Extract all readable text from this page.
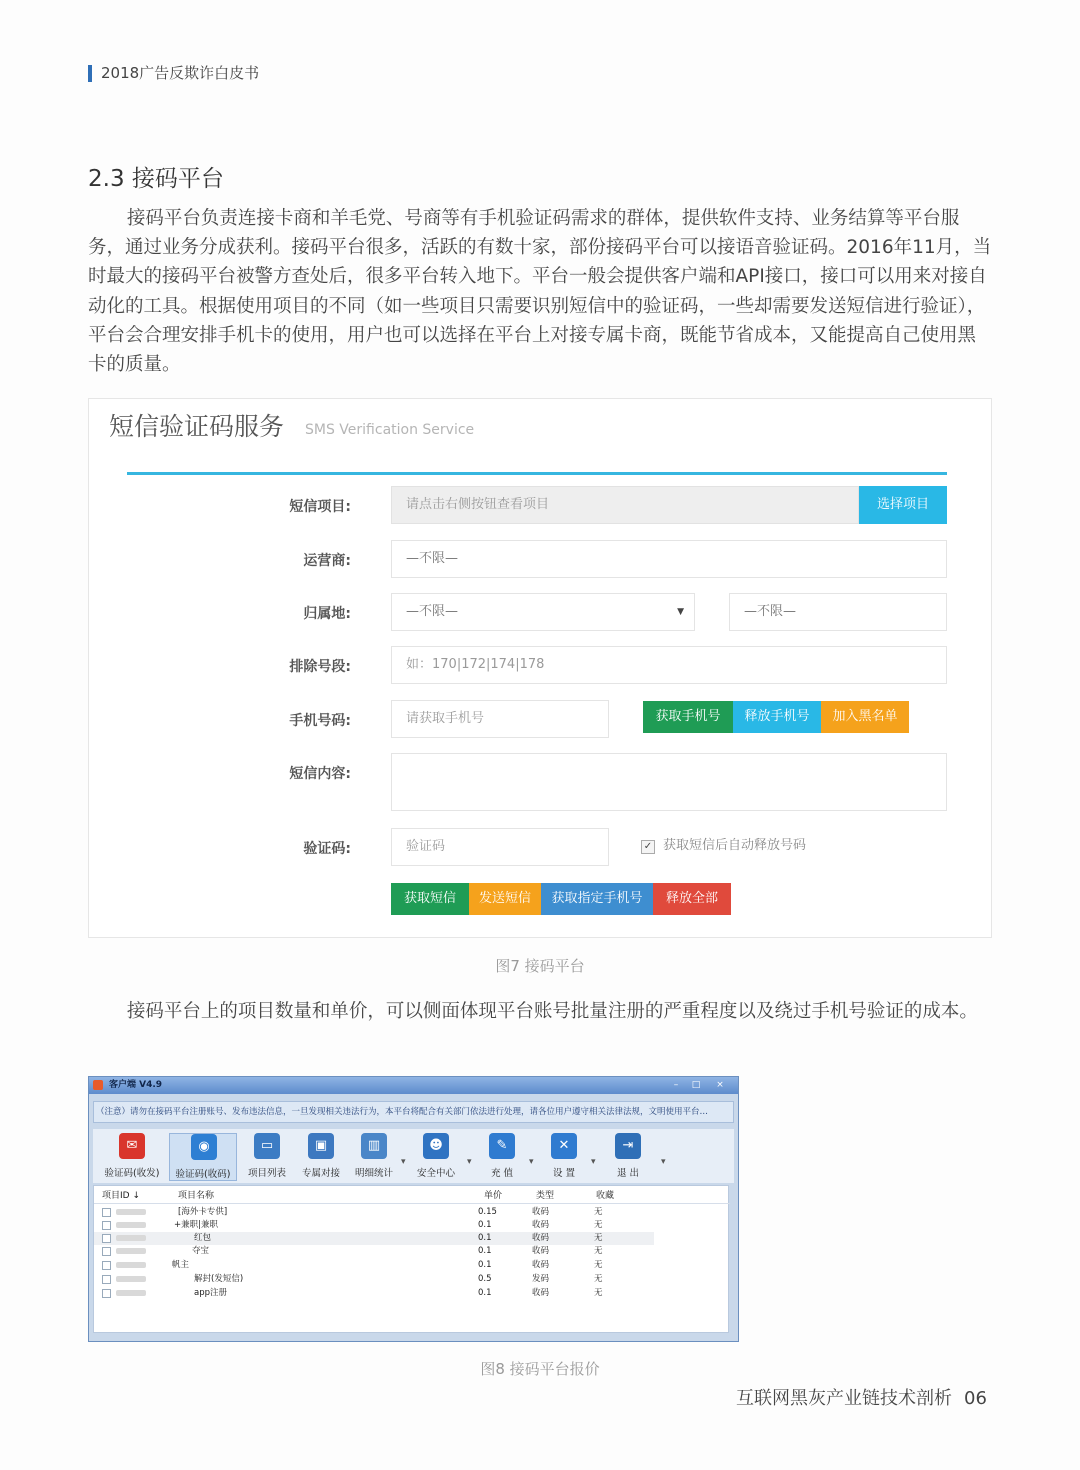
2018广告反欺诈白皮书
2.3 接码平台

接码平台负责连接卡商和羊毛党、号商等有手机验证码需求的群体，提供软件支持、业务结算等平台服务，通过业务分成获利。接码平台很多，活跃的有数十家，部份接码平台可以接语音验证码。2016年11月，当时最大的接码平台被警方查处后，很多平台转入地下。平台一般会提供客户端和API接口，接口可以用来对接自动化的工具。根据使用项目的不同（如一些项目只需要识别短信中的验证码，一些却需要发送短信进行验证），平台会合理安排手机卡的使用，用户也可以选择在平台上对接专属卡商，既能节省成本，又能提高自己使用黑卡的质量。

短信验证码服务 SMS Verification Service
短信项目:	请点击右侧按钮查看项目	选择项目
运营商:	—不限—
归属地:	—不限—	▼	—不限—
排除号段:	如：170|172|174|178
手机号码:	请获取手机号	获取手机号	释放手机号	加入黑名单
短信内容:
验证码:	验证码	✓ 获取短信后自动释放号码
获取短信	发送短信	获取指定手机号	释放全部
图7 接码平台

接码平台上的项目数量和单价，可以侧面体现平台账号批量注册的严重程度以及绕过手机号验证的成本。

客户端 V4.9	–	□	×
（注意）请勿在接码平台注册账号、发布违法信息，一旦发现相关违法行为，本平台将配合有关部门依法进行处理，请各位用户遵守相关法律法规，文明使用平台…
✉
验证码(收发)
◉
验证码(收码)
▭
项目列表
▣
专属对接
▥
明细统计
▾
☻
安全中心
▾
✎
充 值
▾
✕
设 置
▾
⇥
退 出
▾
项目ID ↓	项目名称	单价	类型	收藏
[海外卡专供]	0.15	收码	无
+兼职|兼职	0.1	收码	无
红包	0.1	收码	无
夺宝	0.1	收码	无
帆主	0.1	收码	无
解封(发短信)	0.5	发码	无
app注册	0.1	收码	无
图8 接码平台报价
互联网黑灰产业链技术剖析 06
